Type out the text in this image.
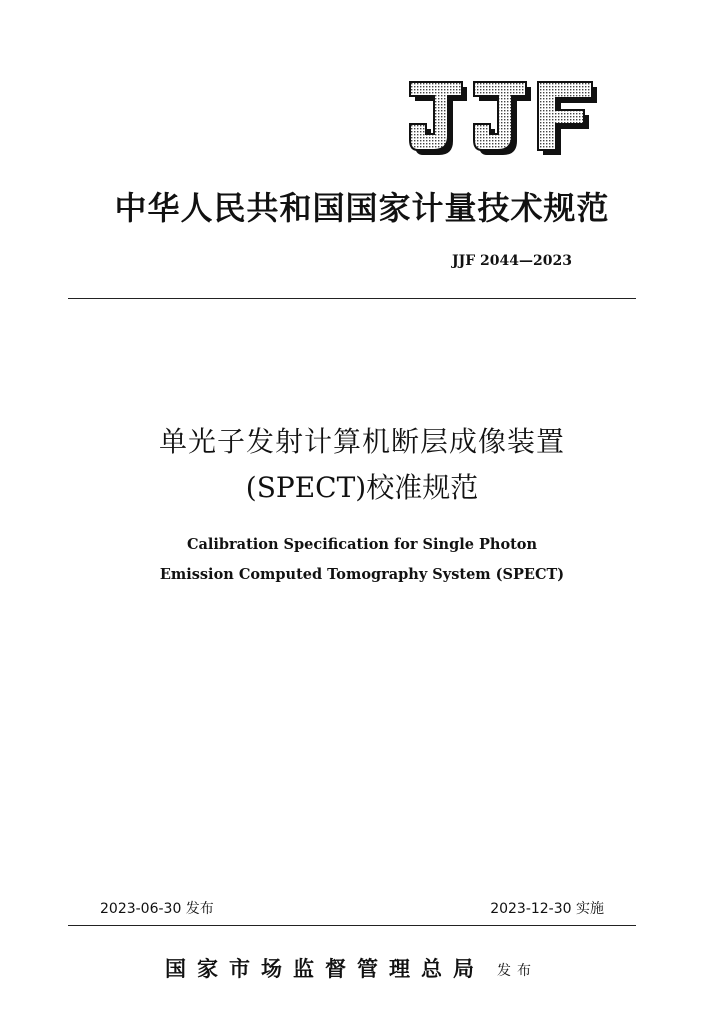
中华人民共和国国家计量技术规范
JJF 2044—2023
单光子发射计算机断层成像装置
(SPECT)校准规范
Calibration Specification for Single Photon
Emission Computed Tomography System (SPECT)
2023-06-30 发布	2023-12-30 实施
国家市场监督管理总局 发布
